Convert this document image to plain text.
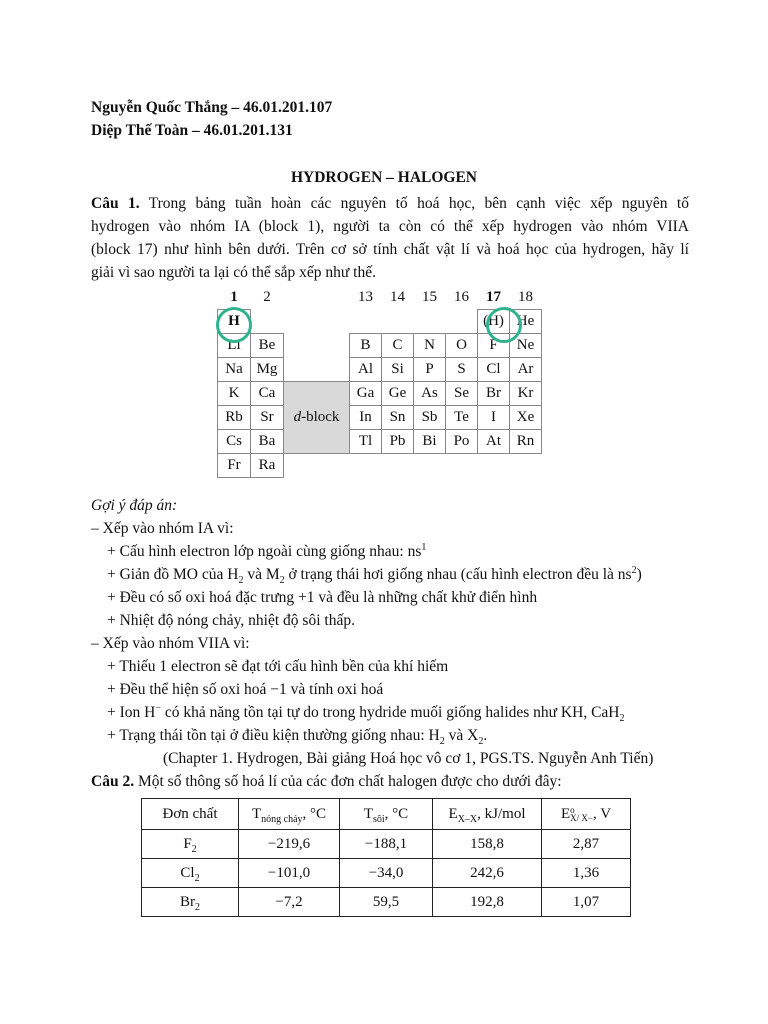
Nguyễn Quốc Thắng – 46.01.201.107
Diệp Thế Toàn – 46.01.201.131
HYDROGEN – HALOGEN
Câu 1. Trong bảng tuần hoàn các nguyên tố hoá học, bên cạnh việc xếp nguyên tố
hydrogen vào nhóm IA (block 1), người ta còn có thể xếp hydrogen vào nhóm VIIA
(block 17) như hình bên dưới. Trên cơ sở tính chất vật lí và hoá học của hydrogen, hãy lí
giải vì sao người ta lại có thể sắp xếp như thế.
1	2		13	14	15	16	17	18
H							(H)	He
Li	Be		B	C	N	O	F	Ne
Na	Mg		Al	Si	P	S	Cl	Ar
K	Ca	d-block	Ga	Ge	As	Se	Br	Kr
Rb	Sr		In	Sn	Sb	Te	I	Xe
Cs	Ba		Tl	Pb	Bi	Po	At	Rn
Fr	Ra							
Gợi ý đáp án:
– Xếp vào nhóm IA vì:
+ Cấu hình electron lớp ngoài cùng giống nhau: $ns^1$
+ Giản đồ MO của $H_2$ và $M_2$ ở trạng thái hơi giống nhau (cấu hình electron đều là $ns^2$)
+ Đều có số oxi hoá đặc trưng +1 và đều là những chất khử điển hình
+ Nhiệt độ nóng chảy, nhiệt độ sôi thấp.
– Xếp vào nhóm VIIA vì:
+ Thiếu 1 electron sẽ đạt tới cấu hình bền của khí hiếm
+ Đều thể hiện số oxi hoá −1 và tính oxi hoá
+ Ion H− có khả năng tồn tại tự do trong hydride muối giống halides như KH, CaH$_2$
+ Trạng thái tồn tại ở điều kiện thường giống nhau: $H_2$ và $X_2$.
(Chapter 1. Hydrogen, Bài giảng Hoá học vô cơ 1, PGS.TS. Nguyễn Anh Tiến)
Câu 2. Một số thông số hoá lí của các đơn chất halogen được cho dưới đây:
Đơn chất	$T_{nóng chảy}$, °C	$T_{sôi}$, °C	$E_{X-X}$, kJ/mol	Eo
X/ X−, V
$F_2$	−219,6	−188,1	158,8	2,87
$Cl_2$	−101,0	−34,0	242,6	1,36
$Br_2$	−7,2	59,5	192,8	1,07
